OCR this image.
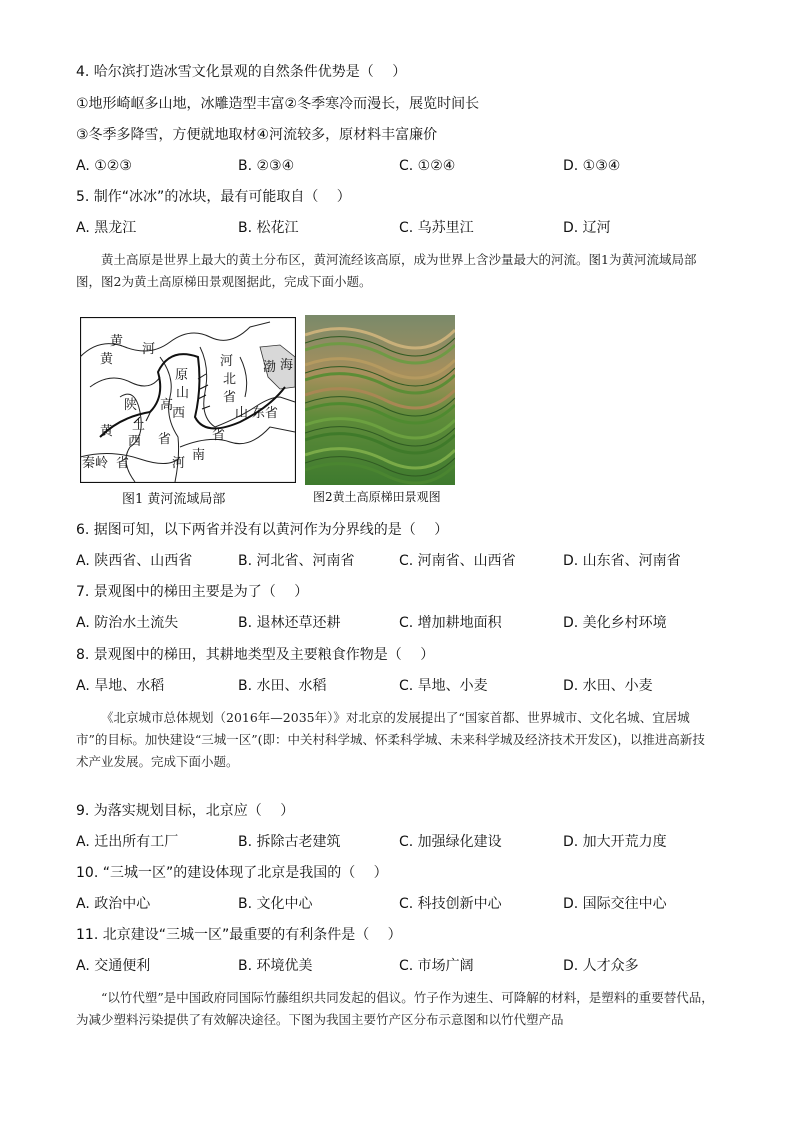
4. 哈尔滨打造冰雪文化景观的自然条件优势是（　 ）
①地形崎岖多山地，冰雕造型丰富②冬季寒冷而漫长，展览时间长
③冬季多降雪，方便就地取材④河流较多，原材料丰富廉价
A. ①②③	B. ②③④	C. ①②④	D. ①③④
5. 制作“冰冰”的冰块，最有可能取自（　 ）
A. 黑龙江	B. 松花江	C. 乌苏里江	D. 辽河
黄土高原是世界上最大的黄土分布区，黄河流经该高原，成为世界上含沙量最大的河流。图1为黄河流域局部图，图2为黄土高原梯田景观图据此，完成下面小题。
黄
河
黄
原
山
高
西
陕
土
西
黄
省
河
北
省
山 东省
渤 海
省
河
南
秦岭 省
图1 黄河流域局部	图2黄土高原梯田景观图
6. 据图可知，以下两省并没有以黄河作为分界线的是（　 ）
A. 陕西省、山西省	B. 河北省、河南省	C. 河南省、山西省	D. 山东省、河南省
7. 景观图中的梯田主要是为了（　 ）
A. 防治水土流失	B. 退林还草还耕	C. 增加耕地面积	D. 美化乡村环境
8. 景观图中的梯田，其耕地类型及主要粮食作物是（　 ）
A. 旱地、水稻	B. 水田、水稻	C. 旱地、小麦	D. 水田、小麦
《北京城市总体规划（2016年—2035年）》对北京的发展提出了“国家首都、世界城市、文化名城、宜居城市”的目标。加快建设“三城一区”(即：中关村科学城、怀柔科学城、未来科学城及经济技术开发区)，以推进高新技术产业发展。完成下面小题。
9. 为落实规划目标，北京应（　 ）
A. 迁出所有工厂	B. 拆除古老建筑	C. 加强绿化建设	D. 加大开荒力度
10. “三城一区”的建设体现了北京是我国的（　 ）
A. 政治中心	B. 文化中心	C. 科技创新中心	D. 国际交往中心
11. 北京建设“三城一区”最重要的有利条件是（　 ）
A. 交通便利	B. 环境优美	C. 市场广阔	D. 人才众多
“以竹代塑”是中国政府同国际竹藤组织共同发起的倡议。竹子作为速生、可降解的材料，是塑料的重要替代品，为减少塑料污染提供了有效解决途径。下图为我国主要竹产区分布示意图和以竹代塑产品
